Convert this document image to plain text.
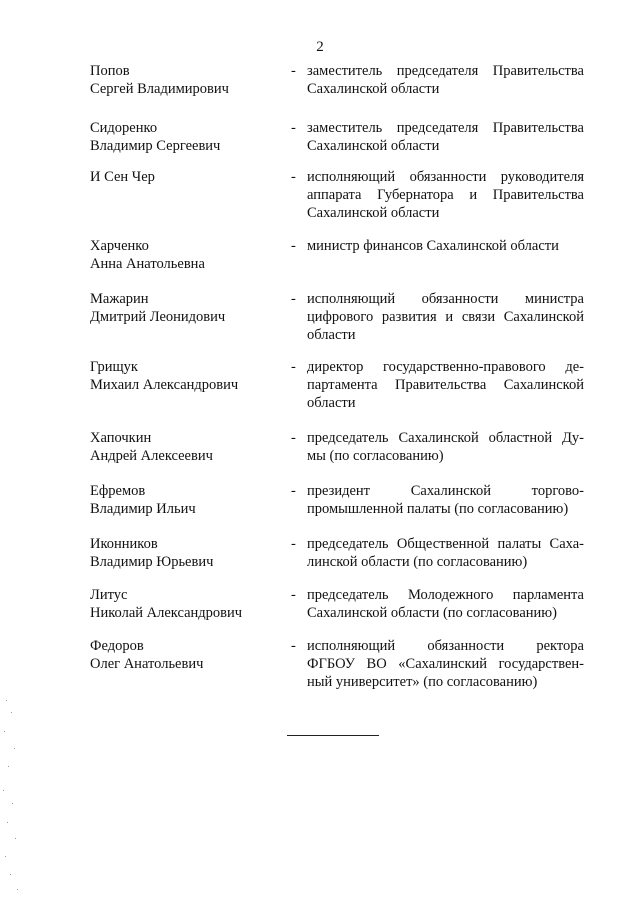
2
Попов
Сергей Владимирович
- заместитель председателя Правительства
Сахалинской области
Сидоренко
Владимир Сергеевич
- заместитель председателя Правительства
Сахалинской области
И Сен Чер	- исполняющий обязанности руководителя
аппарата Губернатора и Правительства
Сахалинской области
Харченко
Анна Анатольевна
- министр финансов Сахалинской области
Мажарин
Дмитрий Леонидович
- исполняющий обязанности министра
цифрового развития и связи Сахалинской
области
Грищук
Михаил Александрович
- директор государственно-правового де-
партамента Правительства Сахалинской
области
Хапочкин
Андрей Алексеевич
- председатель Сахалинской областной Ду-
мы (по согласованию)
Ефремов
Владимир Ильич
- президент Сахалинской торгово-
промышленной палаты (по согласованию)
Иконников
Владимир Юрьевич
- председатель Общественной палаты Саха-
линской области (по согласованию)
Литус
Николай Александрович
- председатель Молодежного парламента
Сахалинской области (по согласованию)
Федоров
Олег Анатольевич
- исполняющий обязанности ректора
ФГБОУ ВО «Сахалинский государствен-
ный университет» (по согласованию)
